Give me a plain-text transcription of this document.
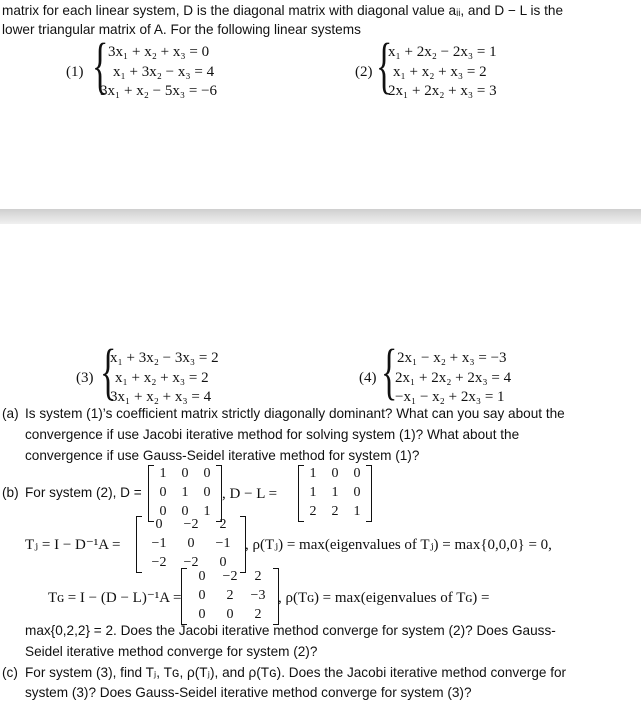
matrix for each linear system, D is the diagonal matrix with diagonal value aᵢᵢ, and D − L is the
lower triangular matrix of A. For the following linear systems
(1) { 3x₁ + x₂ + x₃ = 0
x₁ + 3x₂ − x₃ = 4
3x₁ + x₂ − 5x₃ = −6
(2) {
x₁ + 2x₂ − 2x₃ = 1
x₁ + x₂ + x₃ = 2
2x₁ + 2x₂ + x₃ = 3
(3) {
x₁ + 3x₂ − 3x₃ = 2
x₁ + x₂ + x₃ = 2
3x₁ + x₂ + x₃ = 4
(4) { 2x₁ − x₂ + x₃ = −3
2x₁ + 2x₂ + 2x₃ = 4
−x₁ − x₂ + 2x₃ = 1
(a) Is system (1)’s coefficient matrix strictly diagonally dominant? What can you say about the
convergence if use Jacobi iterative method for solving system (1)? What about the
convergence if use Gauss-Seidel iterative method for system (1)?
(b) For system (2), D =
1	0	0
0	1	0
0	0	1
, D − L =
1	0	0
1	1	0
2	2	1
Tⱼ = I − D⁻¹A =
0	−2	2
−1	0	−1
−2	−2	0
, ρ(Tⱼ) = max(eigenvalues of Tⱼ) = max{0,0,0} = 0,
Tɢ = I − (D − L)⁻¹A =
0	−2	2
0	2	−3
0	0	2
, ρ(Tɢ) = max(eigenvalues of Tɢ) =
max{0,2,2} = 2. Does the Jacobi iterative method converge for system (2)? Does Gauss-
Seidel iterative method converge for system (2)?
(c) For system (3), find Tⱼ, Tɢ, ρ(Tⱼ), and ρ(Tɢ). Does the Jacobi iterative method converge for
system (3)? Does Gauss-Seidel iterative method converge for system (3)?
